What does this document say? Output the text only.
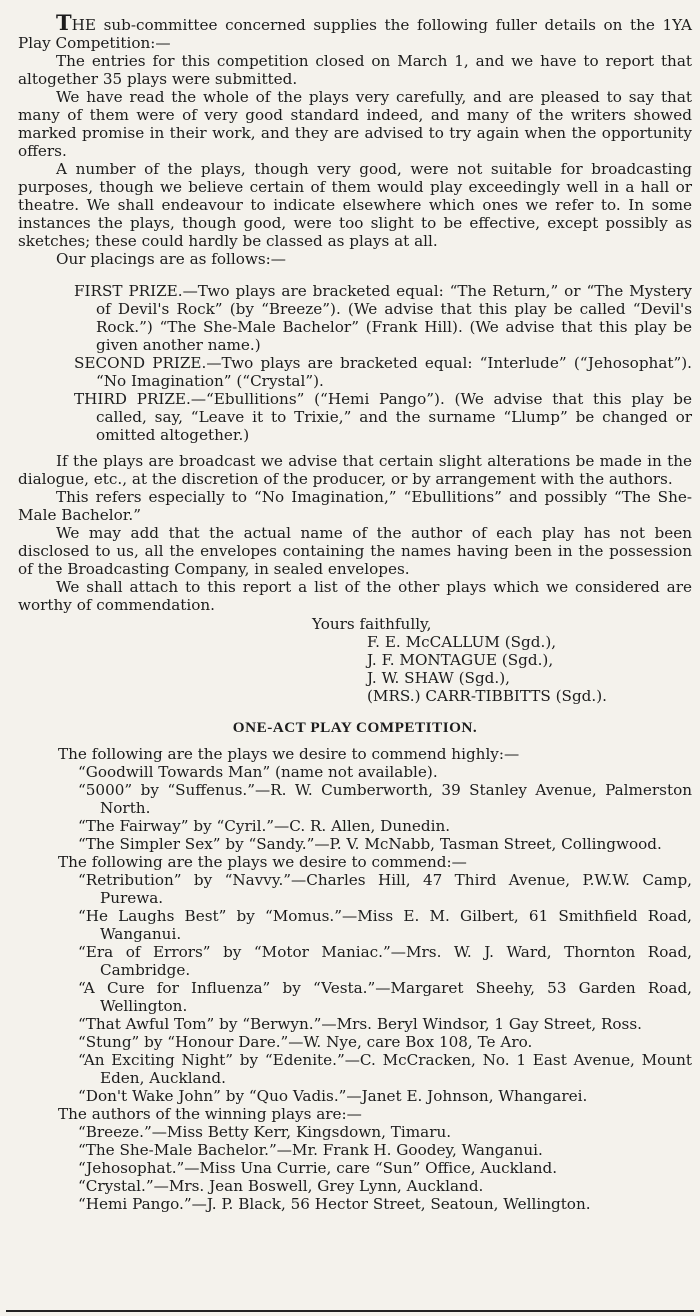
THE sub-committee concerned supplies the following fuller details on the 1YA Play Competition:—

The entries for this competition closed on March 1, and we have to report that altogether 35 plays were submitted.

We have read the whole of the plays very carefully, and are pleased to say that many of them were of very good standard indeed, and many of the writers showed marked promise in their work, and they are advised to try again when the opportunity offers.

A number of the plays, though very good, were not suitable for broadcasting purposes, though we believe certain of them would play exceedingly well in a hall or theatre. We shall endeavour to indicate elsewhere which ones we refer to. In some instances the plays, though good, were too slight to be effective, except possibly as sketches; these could hardly be classed as plays at all.

Our placings are as follows:—

FIRST PRIZE.—Two plays are bracketed equal: “The Return,” or “The Mystery of Devil's Rock” (by “Breeze”). (We advise that this play be called “Devil's Rock.”) “The She-Male Bachelor” (Frank Hill). (We advise that this play be given another name.)

SECOND PRIZE.—Two plays are bracketed equal: “Interlude” (“Jehosophat”). “No Imagination” (“Crystal”).

THIRD PRIZE.—“Ebullitions” (“Hemi Pango”). (We advise that this play be called, say, “Leave it to Trixie,” and the surname “Llump” be changed or omitted altogether.)

If the plays are broadcast we advise that certain slight alterations be made in the dialogue, etc., at the discretion of the producer, or by arrangement with the authors.

This refers especially to “No Imagination,” “Ebullitions” and possibly “The She-Male Bachelor.”

We may add that the actual name of the author of each play has not been disclosed to us, all the envelopes containing the names having been in the possession of the Broadcasting Company, in sealed envelopes.

We shall attach to this report a list of the other plays which we considered are worthy of commendation.

Yours faithfully,

F. E. McCALLUM (Sgd.),

J. F. MONTAGUE (Sgd.),

J. W. SHAW (Sgd.),

(MRS.) CARR-TIBBITTS (Sgd.).

ONE-ACT PLAY COMPETITION.

The following are the plays we desire to commend highly:—

“Goodwill Towards Man” (name not available).

“5000” by “Suffenus.”—R. W. Cumberworth, 39 Stanley Avenue, Palmerston North.

“The Fairway” by “Cyril.”—C. R. Allen, Dunedin.

“The Simpler Sex” by “Sandy.”—P. V. McNabb, Tasman Street, Collingwood.

The following are the plays we desire to commend:—

“Retribution” by “Navvy.”—Charles Hill, 47 Third Avenue, P.W.W. Camp, Purewa.

“He Laughs Best” by “Momus.”—Miss E. M. Gilbert, 61 Smithfield Road, Wanganui.

“Era of Errors” by “Motor Maniac.”—Mrs. W. J. Ward, Thornton Road, Cambridge.

“A Cure for Influenza” by “Vesta.”—Margaret Sheehy, 53 Garden Road, Wellington.

“That Awful Tom” by “Berwyn.”—Mrs. Beryl Windsor, 1 Gay Street, Ross.

“Stung” by “Honour Dare.”—W. Nye, care Box 108, Te Aro.

“An Exciting Night” by “Edenite.”—C. McCracken, No. 1 East Avenue, Mount Eden, Auckland.

“Don't Wake John” by “Quo Vadis.”—Janet E. Johnson, Whangarei.

The authors of the winning plays are:—

“Breeze.”—Miss Betty Kerr, Kingsdown, Timaru.

“The She-Male Bachelor.”—Mr. Frank H. Goodey, Wanganui.

“Jehosophat.”—Miss Una Currie, care “Sun” Office, Auckland.

“Crystal.”—Mrs. Jean Boswell, Grey Lynn, Auckland.

“Hemi Pango.”—J. P. Black, 56 Hector Street, Seatoun, Wellington.
